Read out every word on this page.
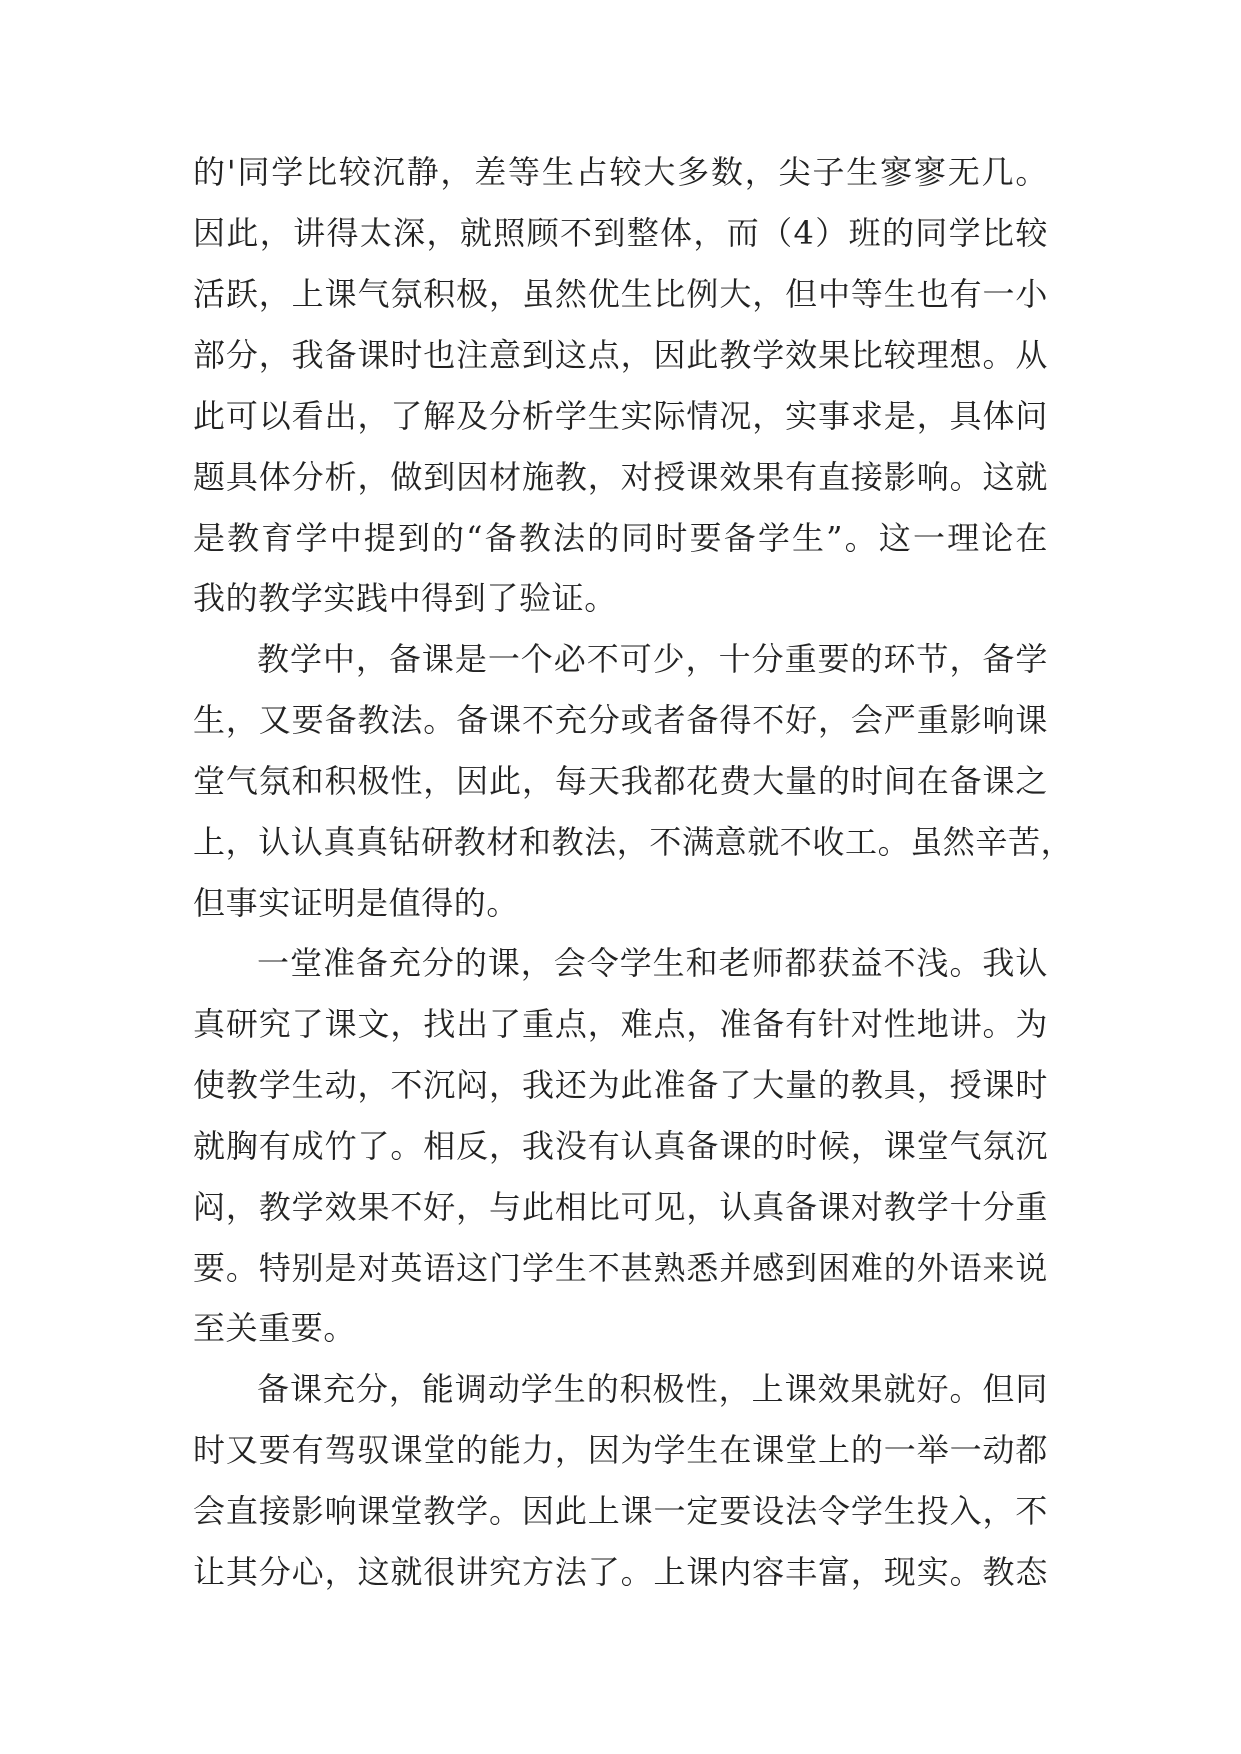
的'同学比较沉静，差等生占较大多数，尖子生寥寥无几。
因此，讲得太深，就照顾不到整体，而（4）班的同学比较
活跃，上课气氛积极，虽然优生比例大，但中等生也有一小
部分，我备课时也注意到这点，因此教学效果比较理想。从
此可以看出，了解及分析学生实际情况，实事求是，具体问
题具体分析，做到因材施教，对授课效果有直接影响。这就
是教育学中提到的“备教法的同时要备学生”。这一理论在
我的教学实践中得到了验证。
教学中，备课是一个必不可少，十分重要的环节，备学
生，又要备教法。备课不充分或者备得不好，会严重影响课
堂气氛和积极性，因此，每天我都花费大量的时间在备课之
上，认认真真钻研教材和教法，不满意就不收工。虽然辛苦，
但事实证明是值得的。
一堂准备充分的课，会令学生和老师都获益不浅。我认
真研究了课文，找出了重点，难点，准备有针对性地讲。为
使教学生动，不沉闷，我还为此准备了大量的教具，授课时
就胸有成竹了。相反，我没有认真备课的时候，课堂气氛沉
闷，教学效果不好，与此相比可见，认真备课对教学十分重
要。特别是对英语这门学生不甚熟悉并感到困难的外语来说
至关重要。
备课充分，能调动学生的积极性，上课效果就好。但同
时又要有驾驭课堂的能力，因为学生在课堂上的一举一动都
会直接影响课堂教学。因此上课一定要设法令学生投入，不
让其分心，这就很讲究方法了。上课内容丰富，现实。教态
